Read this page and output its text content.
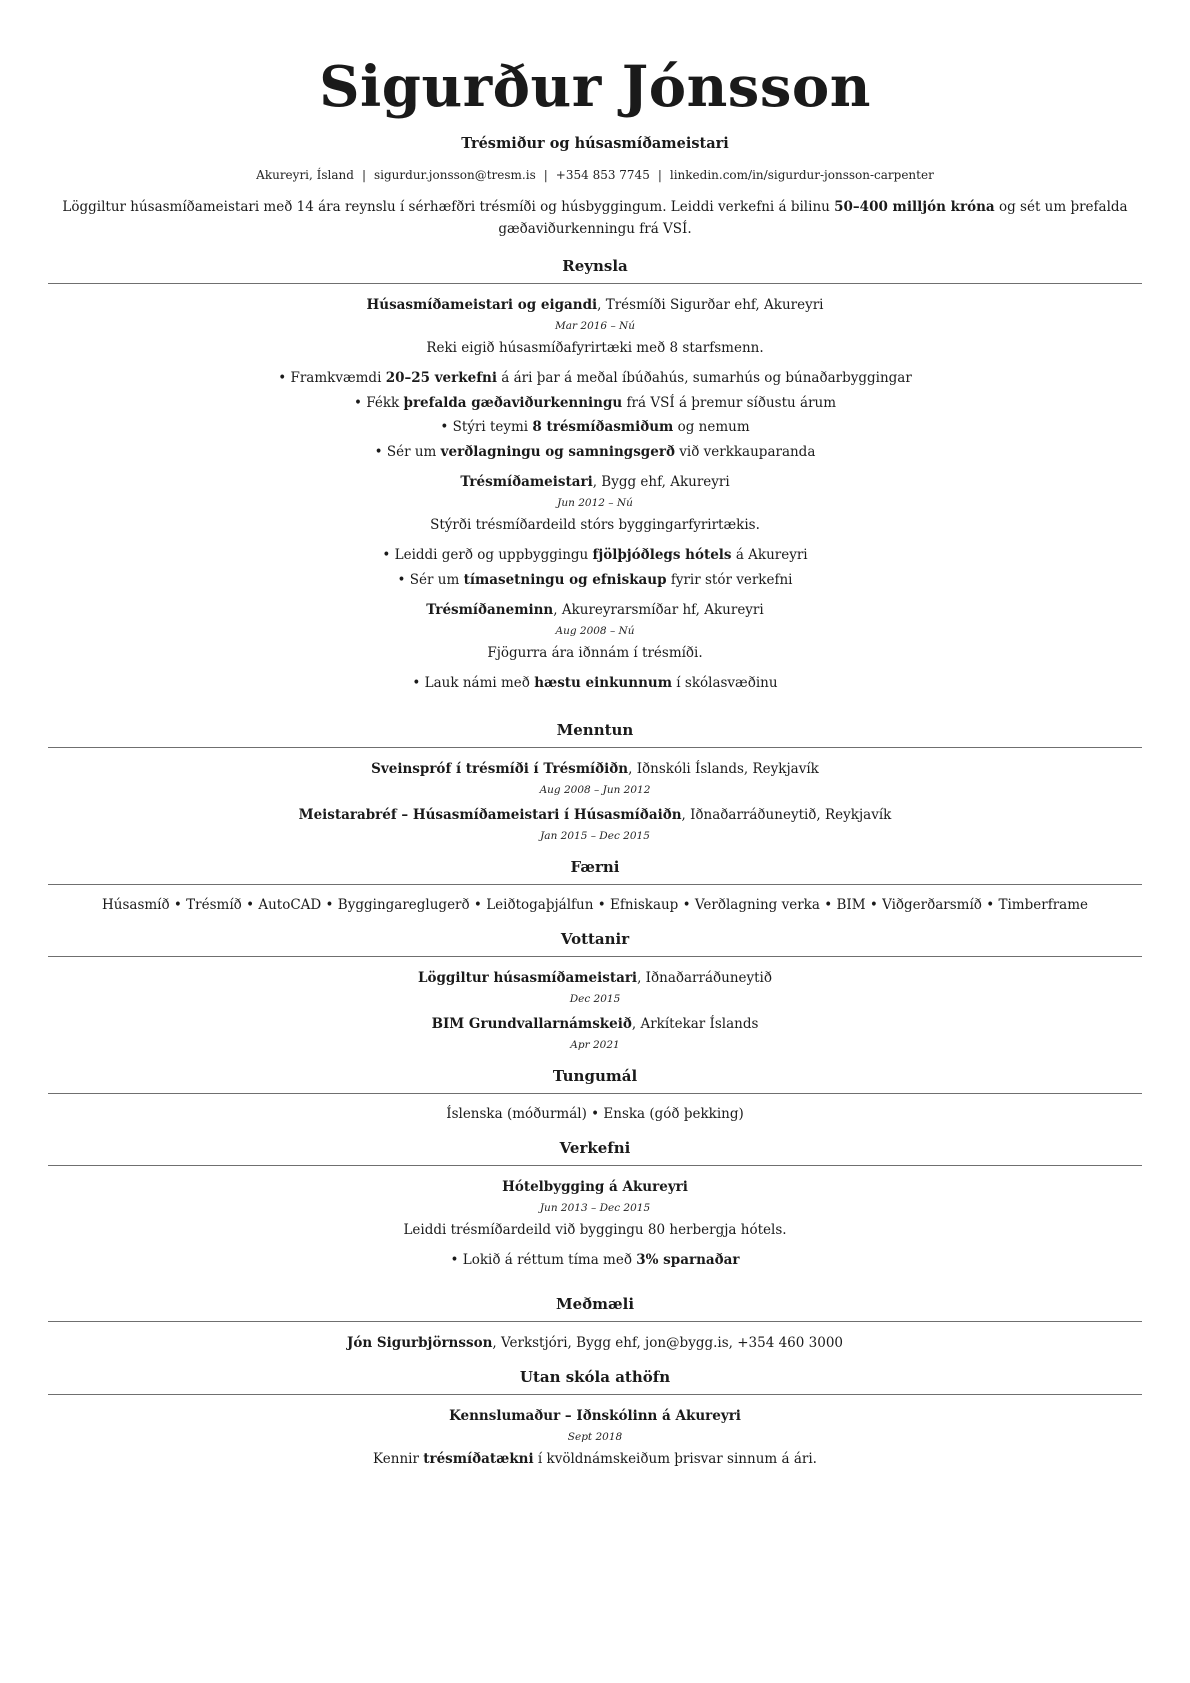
Sigurður Jónsson
Trésmiður og húsasmíðameistari
Akureyri, Ísland | sigurdur.jonsson@tresm.is | +354 853 7745 | linkedin.com/in/sigurdur-jonsson-carpenter
Löggiltur húsasmíðameistari með 14 ára reynslu í sérhæfðri trésmíði og húsbyggingum. Leiddi verkefni á bilinu 50–400 milljón króna og sét um þrefalda gæðaviðurkenningu frá VSÍ.
Reynsla
Húsasmíðameistari og eigandi, Trésmíði Sigurðar ehf, Akureyri
Mar 2016 – Nú
Reki eigið húsasmíðafyrirtæki með 8 starfsmenn.
• Framkvæmdi 20–25 verkefni á ári þar á meðal íbúðahús, sumarhús og búnaðarbyggingar
• Fékk þrefalda gæðaviðurkenningu frá VSÍ á þremur síðustu árum
• Stýri teymi 8 trésmíðasmiðum og nemum
• Sér um verðlagningu og samningsgerð við verkkauparanda
Trésmíðameistari, Bygg ehf, Akureyri
Jun 2012 – Nú
Stýrði trésmíðardeild stórs byggingarfyrirtækis.
• Leiddi gerð og uppbyggingu fjölþjóðlegs hótels á Akureyri
• Sér um tímasetningu og efniskaup fyrir stór verkefni
Trésmíðaneminn, Akureyrarsmíðar hf, Akureyri
Aug 2008 – Nú
Fjögurra ára iðnnám í trésmíði.
• Lauk námi með hæstu einkunnum í skólasvæðinu
Menntun
Sveinspróf í trésmíði í Trésmíðiðn, Iðnskóli Íslands, Reykjavík
Aug 2008 – Jun 2012
Meistarabréf – Húsasmíðameistari í Húsasmíðaiðn, Iðnaðarráðuneytið, Reykjavík
Jan 2015 – Dec 2015
Færni
Húsasmíð • Trésmíð • AutoCAD • Byggingareglugerð • Leiðtogaþjálfun • Efniskaup • Verðlagning verka • BIM • Viðgerðarsmíð • Timberframe
Vottanir
Löggiltur húsasmíðameistari, Iðnaðarráðuneytið
Dec 2015
BIM Grundvallarnámskeið, Arkítekar Íslands
Apr 2021
Tungumál
Íslenska (móðurmál) • Enska (góð þekking)
Verkefni
Hótelbygging á Akureyri
Jun 2013 – Dec 2015
Leiddi trésmíðardeild við byggingu 80 herbergja hótels.
• Lokið á réttum tíma með 3% sparnaðar
Meðmæli
Jón Sigurbjörnsson, Verkstjóri, Bygg ehf, jon@bygg.is, +354 460 3000
Utan skóla athöfn
Kennslumaður – Iðnskólinn á Akureyri
Sept 2018
Kennir trésmíðatækni í kvöldnámskeiðum þrisvar sinnum á ári.
